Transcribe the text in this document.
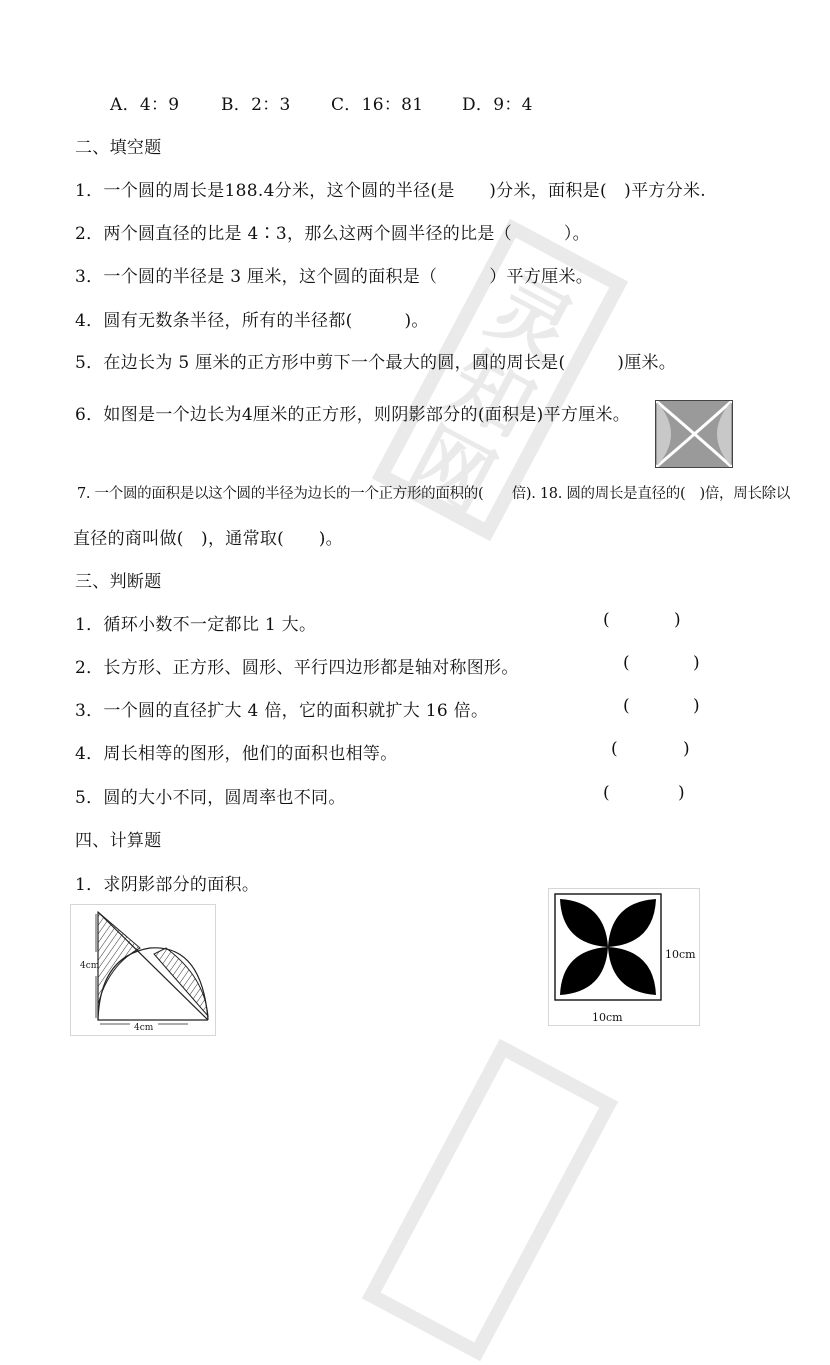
灵
知
网
A．4：9 B．2：3 C．16：81 D．9：4
二、填空题
1．一个圆的周长是188.4分米，这个圆的半径(是　　)分米，面积是(　)平方分米.
2．两个圆直径的比是 4∶3，那么这两个圆半径的比是（　　　）。
3．一个圆的半径是 3 厘米，这个圆的面积是（　　　）平方厘米。
4．圆有无数条半径，所有的半径都(　　　)。
5．在边长为 5 厘米的正方形中剪下一个最大的圆，圆的周长是(　　　)厘米。
6．如图是一个边长为4厘米的正方形，则阴影部分的(面积是)平方厘米。
7. 一个圆的面积是以这个圆的半径为边长的一个正方形的面积的(　　倍). 18. 圆的周长是直径的(　)倍，周长除以
直径的商叫做(　)，通常取(　　)。
三、判断题
1．循环小数不一定都比 1 大。	(	)
2．长方形、正方形、圆形、平行四边形都是轴对称图形。	(	)
3．一个圆的直径扩大 4 倍，它的面积就扩大 16 倍。	(	)
4．周长相等的图形，他们的面积也相等。	(	)
5．圆的大小不同，圆周率也不同。	(	)
四、计算题
1．求阴影部分的面积。
4cm
4cm
10cm
10cm
